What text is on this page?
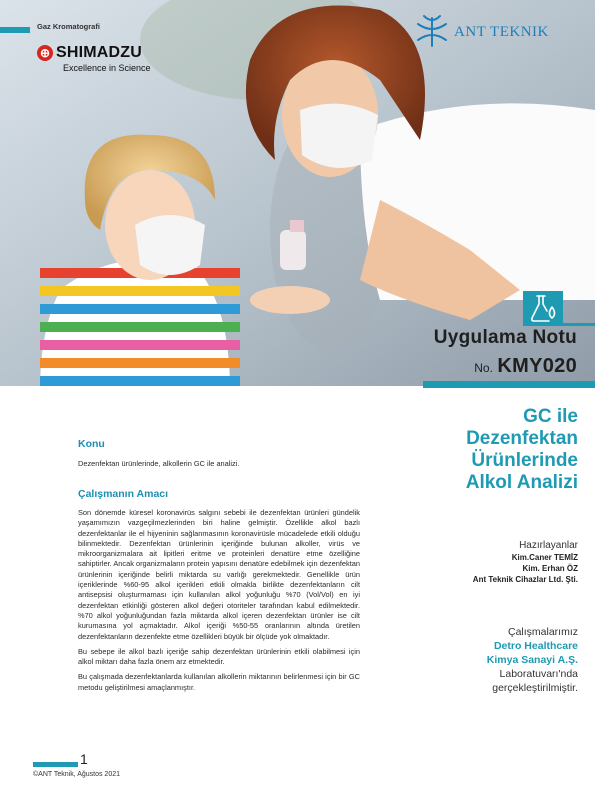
Gaz Kromatografi
⊕ SHIMADZU
Excellence in Science
ANT TEKNIK
Uygulama Notu
No. KMY020
Konu

Dezenfektan ürünlerinde, alkollerin GC ile analizi.

Çalışmanın Amacı

Son dönemde küresel koronavirüs salgını sebebi ile dezenfektan ürünleri gündelik yaşamımızın vazgeçilmezlerinden biri haline gelmiştir. Özellikle alkol bazlı dezenfektanlar ile el hijyeninin sağlanmasının koronavirüsle mücadelede etkili olduğu bilinmektedir. Dezenfektan ürünlerinin içeriğinde bulunan alkoller, virüs ve mikroorganizmalara ait lipitleri eritme ve proteinleri denatüre etme özelliğine sahiptirler. Ancak organizmaların protein yapısını denatüre edebilmek için dezenfektan ürünlerinin içeriğinde belirli miktarda su varlığı gerekmektedir. Genellikle ürün içeriklerinde %60-95 alkol içerikleri etkili olmakla birlikte dezenfektanların cilt antisepsisi oluşturmaması için kullanılan alkol yoğunluğu %70 (Vol/Vol) en iyi dezenfektan etkinliği gösteren alkol değeri otoriteler tarafından kabul edilmektedir. %70 alkol yoğunluğundan fazla miktarda alkol içeren dezenfektan ürünler ise cilt kurumasına yol açmaktadır. Alkol içeriği %50-55 oranlarının altında üretilen dezenfektanların dezenfekte etme özellikleri büyük bir ölçüde yok olmaktadır.

Bu sebepe ile alkol bazlı içeriğe sahip dezenfektan ürünlerinin etkili olabilmesi için alkol miktarı daha fazla önem arz etmektedir.

Bu çalışmada dezenfektanlarda kullanılan alkollerin miktarının belirlenmesi için bir GC metodu geliştirilmesi amaçlanmıştır.

GC ile
Dezenfektan
Ürünlerinde
Alkol Analizi
Hazırlayanlar
Kim.Caner TEMİZ
Kim. Erhan ÖZ
Ant Teknik Cihazlar Ltd. Şti.
Çalışmalarımız
Detro Healthcare
Kimya Sanayi A.Ş.
Laboratuvarı'nda
gerçekleştirilmiştir.
1
©ANT Teknik, Ağustos 2021
